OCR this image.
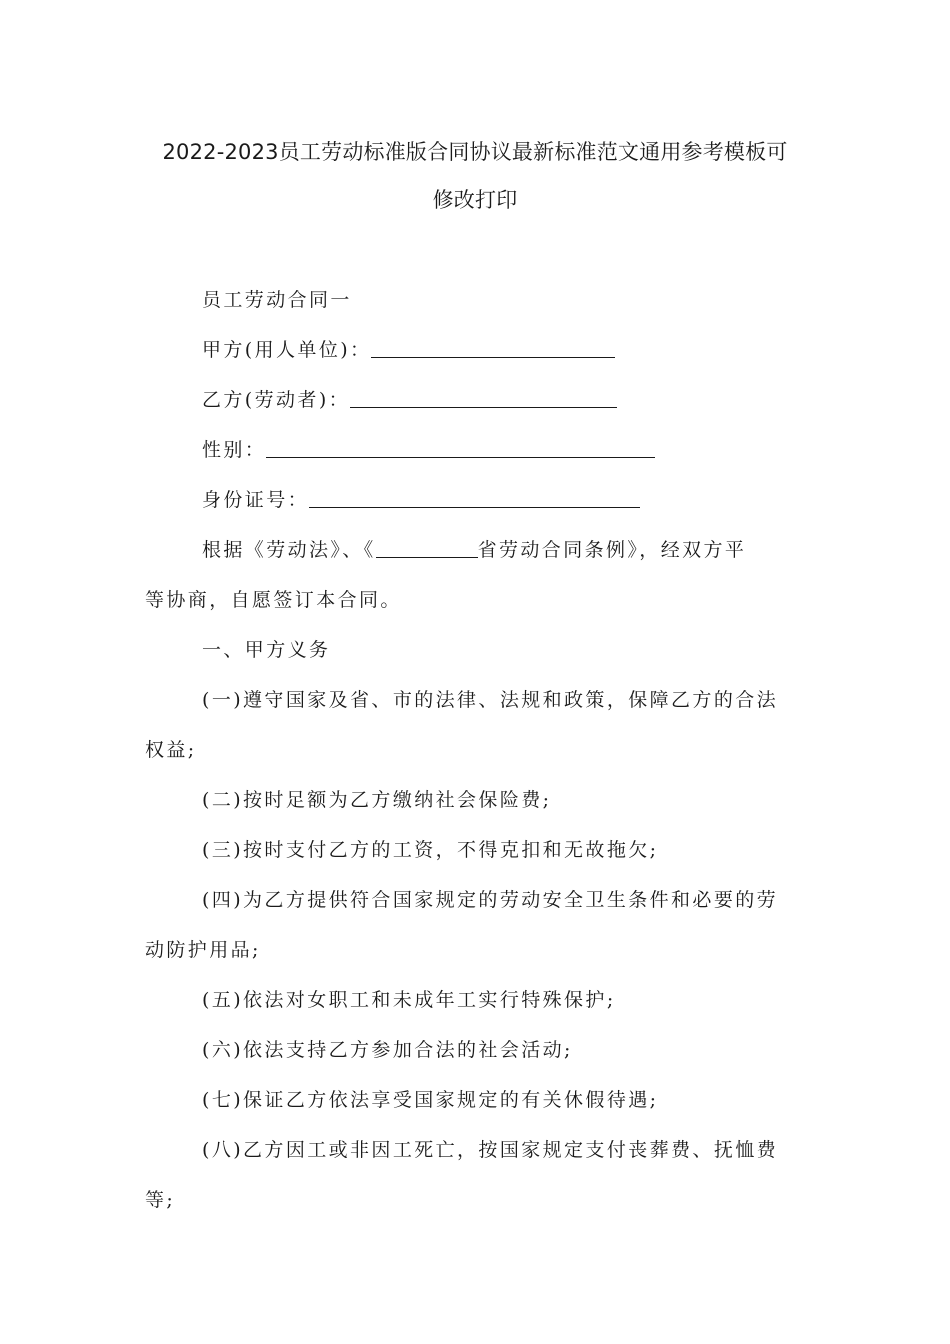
2022-2023员工劳动标准版合同协议最新标准范文通用参考模板可
修改打印
员工劳动合同一
甲方(用人单位)：
乙方(劳动者)：
性别：
身份证号：
根据《劳动法》、《	省劳动合同条例》，经双方平
等协商，自愿签订本合同。
一、甲方义务
(一)遵守国家及省、市的法律、法规和政策，保障乙方的合法
权益;
(二)按时足额为乙方缴纳社会保险费;
(三)按时支付乙方的工资，不得克扣和无故拖欠;
(四)为乙方提供符合国家规定的劳动安全卫生条件和必要的劳
动防护用品;
(五)依法对女职工和未成年工实行特殊保护;
(六)依法支持乙方参加合法的社会活动;
(七)保证乙方依法享受国家规定的有关休假待遇;
(八)乙方因工或非因工死亡，按国家规定支付丧葬费、抚恤费
等;
